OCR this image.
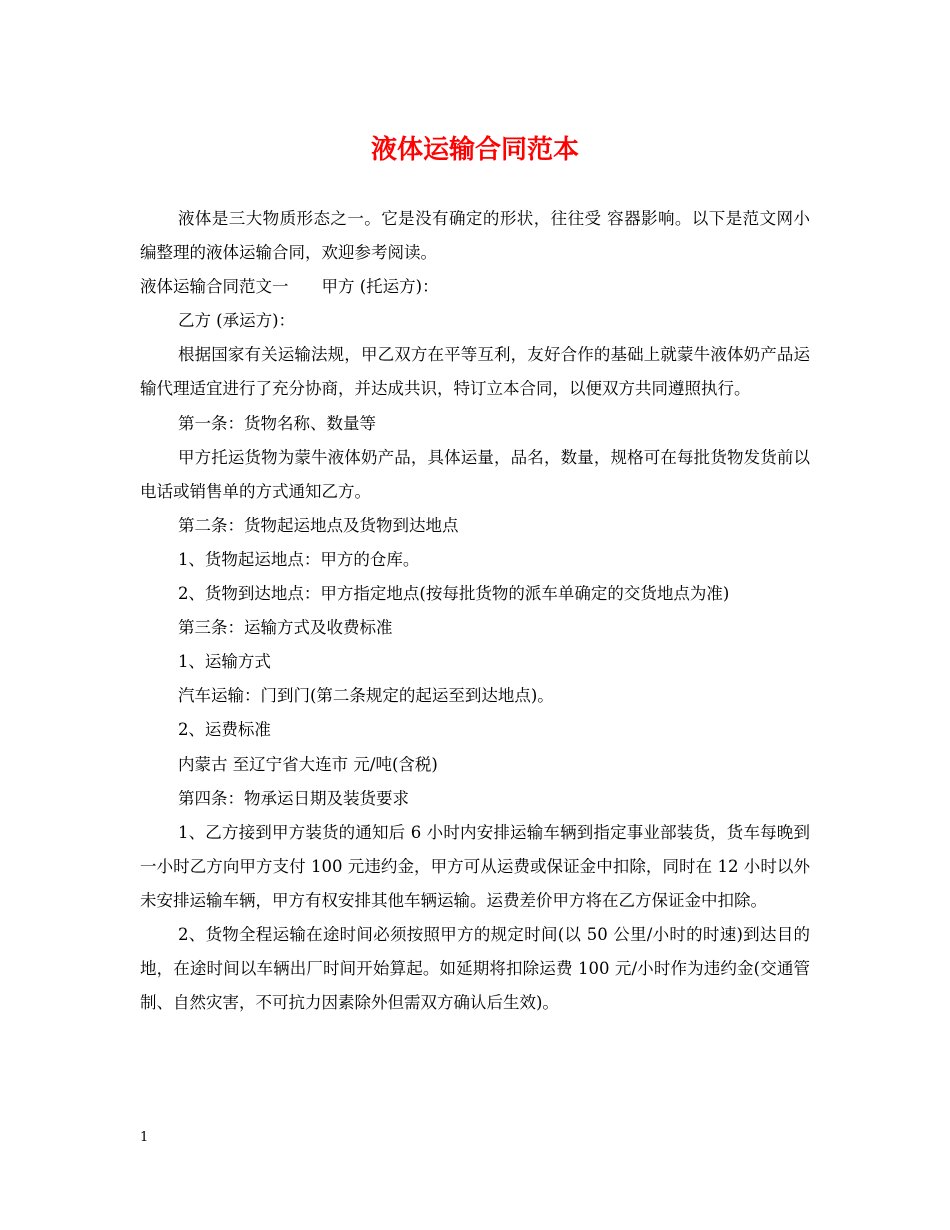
液体运输合同范本

液体是三大物质形态之一。它是没有确定的形状，往往受 容器影响。以下是范文网小编整理的液体运输合同，欢迎参考阅读。

液体运输合同范文一　　甲方 (托运方)：

乙方 (承运方)：

根据国家有关运输法规，甲乙双方在平等互利，友好合作的基础上就蒙牛液体奶产品运输代理适宜进行了充分协商，并达成共识，特订立本合同，以便双方共同遵照执行。

第一条：货物名称、数量等

甲方托运货物为蒙牛液体奶产品，具体运量，品名，数量，规格可在每批货物发货前以电话或销售单的方式通知乙方。

第二条：货物起运地点及货物到达地点

1、货物起运地点：甲方的仓库。

2、货物到达地点：甲方指定地点(按每批货物的派车单确定的交货地点为准)

第三条：运输方式及收费标准

1、运输方式

汽车运输：门到门(第二条规定的起运至到达地点)。

2、运费标准

内蒙古 至辽宁省大连市 元/吨(含税)

第四条：物承运日期及装货要求

1、乙方接到甲方装货的通知后 6 小时内安排运输车辆到指定事业部装货，货车每晚到一小时乙方向甲方支付 100 元违约金，甲方可从运费或保证金中扣除，同时在 12 小时以外未安排运输车辆，甲方有权安排其他车辆运输。运费差价甲方将在乙方保证金中扣除。

2、货物全程运输在途时间必须按照甲方的规定时间(以 50 公里/小时的时速)到达目的地，在途时间以车辆出厂时间开始算起。如延期将扣除运费 100 元/小时作为违约金(交通管制、自然灾害，不可抗力因素除外但需双方确认后生效)。

1
